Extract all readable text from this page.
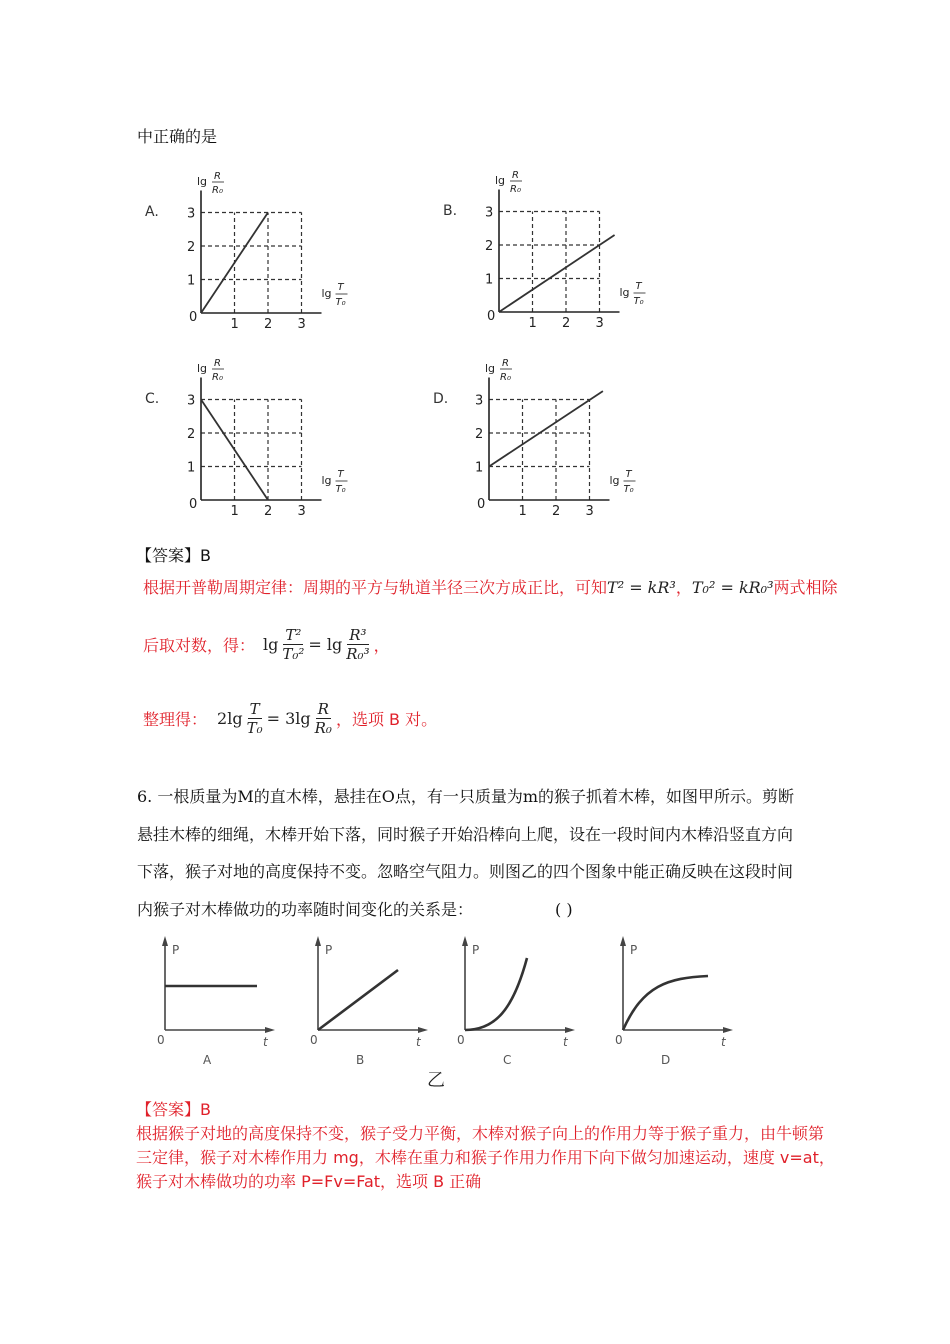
中正确的是
A.
1
2
3
1 2 3
0
lg R
R₀
lg T
T₀
B.
1
2
3
1 2 3
0
lg R
R₀
lg T
T₀
C.
1
2
3
1 2 3
0
lg R
R₀
lg T
T₀
D.
1
2
3
1 2 3
0
lg R
R₀
lg T
T₀
【答案】B
根据开普勒周期定律：周期的平方与轨道半径三次方成正比，可知T² = kR³，T₀² = kR₀³两式相除
后取对数，得： $\lg \frac{\text{T²}}{\text{T₀²}} = \lg \frac{\text{R³}}{\text{R₀³}}$ ，
整理得： $2\lg \frac{T}{\text{T₀}} = 3\lg \frac{R}{\text{R₀}}$ ，选项 B 对。
6. 一根质量为M的直木棒，悬挂在O点，有一只质量为m的猴子抓着木棒，如图甲所示。剪断
悬挂木棒的细绳，木棒开始下落，同时猴子开始沿棒向上爬，设在一段时间内木棒沿竖直方向
下落，猴子对地的高度保持不变。忽略空气阻力。则图乙的四个图象中能正确反映在这段时间
内猴子对木棒做功的功率随时间变化的关系是：	( )
P
t
0
A
P
t
0
B
P
t
0
C
P
t
0
D
乙
【答案】B
根据猴子对地的高度保持不变，猴子受力平衡，木棒对猴子向上的作用力等于猴子重力，由牛顿第
三定律，猴子对木棒作用力 mg，木棒在重力和猴子作用力作用下向下做匀加速运动，速度 v=at，
猴子对木棒做功的功率 P=Fv=Fat，选项 B 正确
